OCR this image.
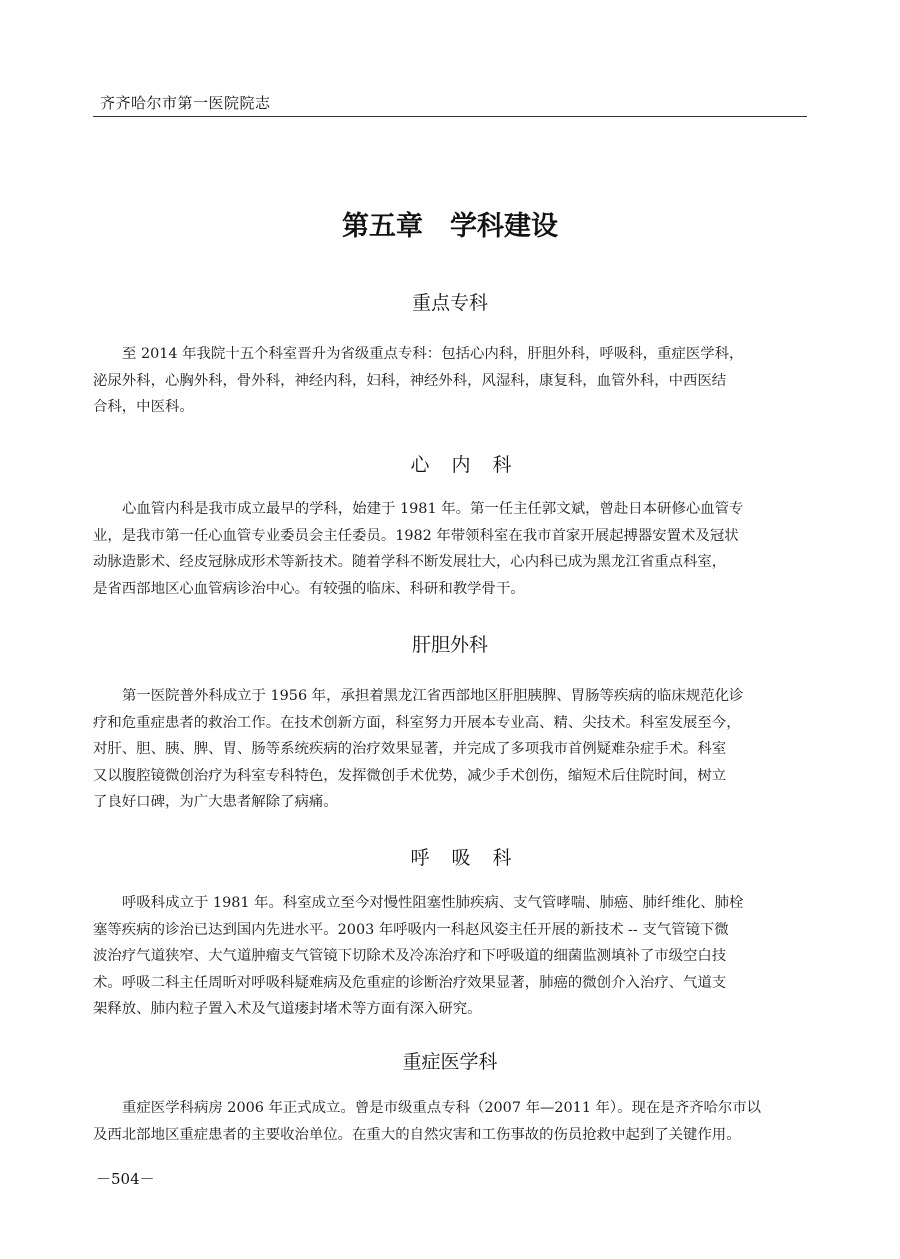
齐齐哈尔市第一医院院志
第五章　学科建设
重点专科
至 2014 年我院十五个科室晋升为省级重点专科：包括心内科，肝胆外科，呼吸科，重症医学科，
泌尿外科，心胸外科，骨外科，神经内科，妇科，神经外科，风湿科，康复科，血管外科，中西医结
合科，中医科。
心内科
心血管内科是我市成立最早的学科，始建于 1981 年。第一任主任郭文斌，曾赴日本研修心血管专
业，是我市第一任心血管专业委员会主任委员。1982 年带领科室在我市首家开展起搏器安置术及冠状
动脉造影术、经皮冠脉成形术等新技术。随着学科不断发展壮大，心内科已成为黑龙江省重点科室，
是省西部地区心血管病诊治中心。有较强的临床、科研和教学骨干。
肝胆外科
第一医院普外科成立于 1956 年，承担着黑龙江省西部地区肝胆胰脾、胃肠等疾病的临床规范化诊
疗和危重症患者的救治工作。在技术创新方面，科室努力开展本专业高、精、尖技术。科室发展至今，
对肝、胆、胰、脾、胃、肠等系统疾病的治疗效果显著，并完成了多项我市首例疑难杂症手术。科室
又以腹腔镜微创治疗为科室专科特色，发挥微创手术优势，减少手术创伤，缩短术后住院时间，树立
了良好口碑，为广大患者解除了病痛。
呼吸科
呼吸科成立于 1981 年。科室成立至今对慢性阻塞性肺疾病、支气管哮喘、肺癌、肺纤维化、肺栓
塞等疾病的诊治已达到国内先进水平。2003 年呼吸内一科赵风姿主任开展的新技术 -- 支气管镜下微
波治疗气道狭窄、大气道肿瘤支气管镜下切除术及冷冻治疗和下呼吸道的细菌监测填补了市级空白技
术。呼吸二科主任周昕对呼吸科疑难病及危重症的诊断治疗效果显著，肺癌的微创介入治疗、气道支
架释放、肺内粒子置入术及气道瘘封堵术等方面有深入研究。
重症医学科
重症医学科病房 2006 年正式成立。曾是市级重点专科（2007 年—2011 年）。现在是齐齐哈尔市以
及西北部地区重症患者的主要收治单位。在重大的自然灾害和工伤事故的伤员抢救中起到了关键作用。
－504－
